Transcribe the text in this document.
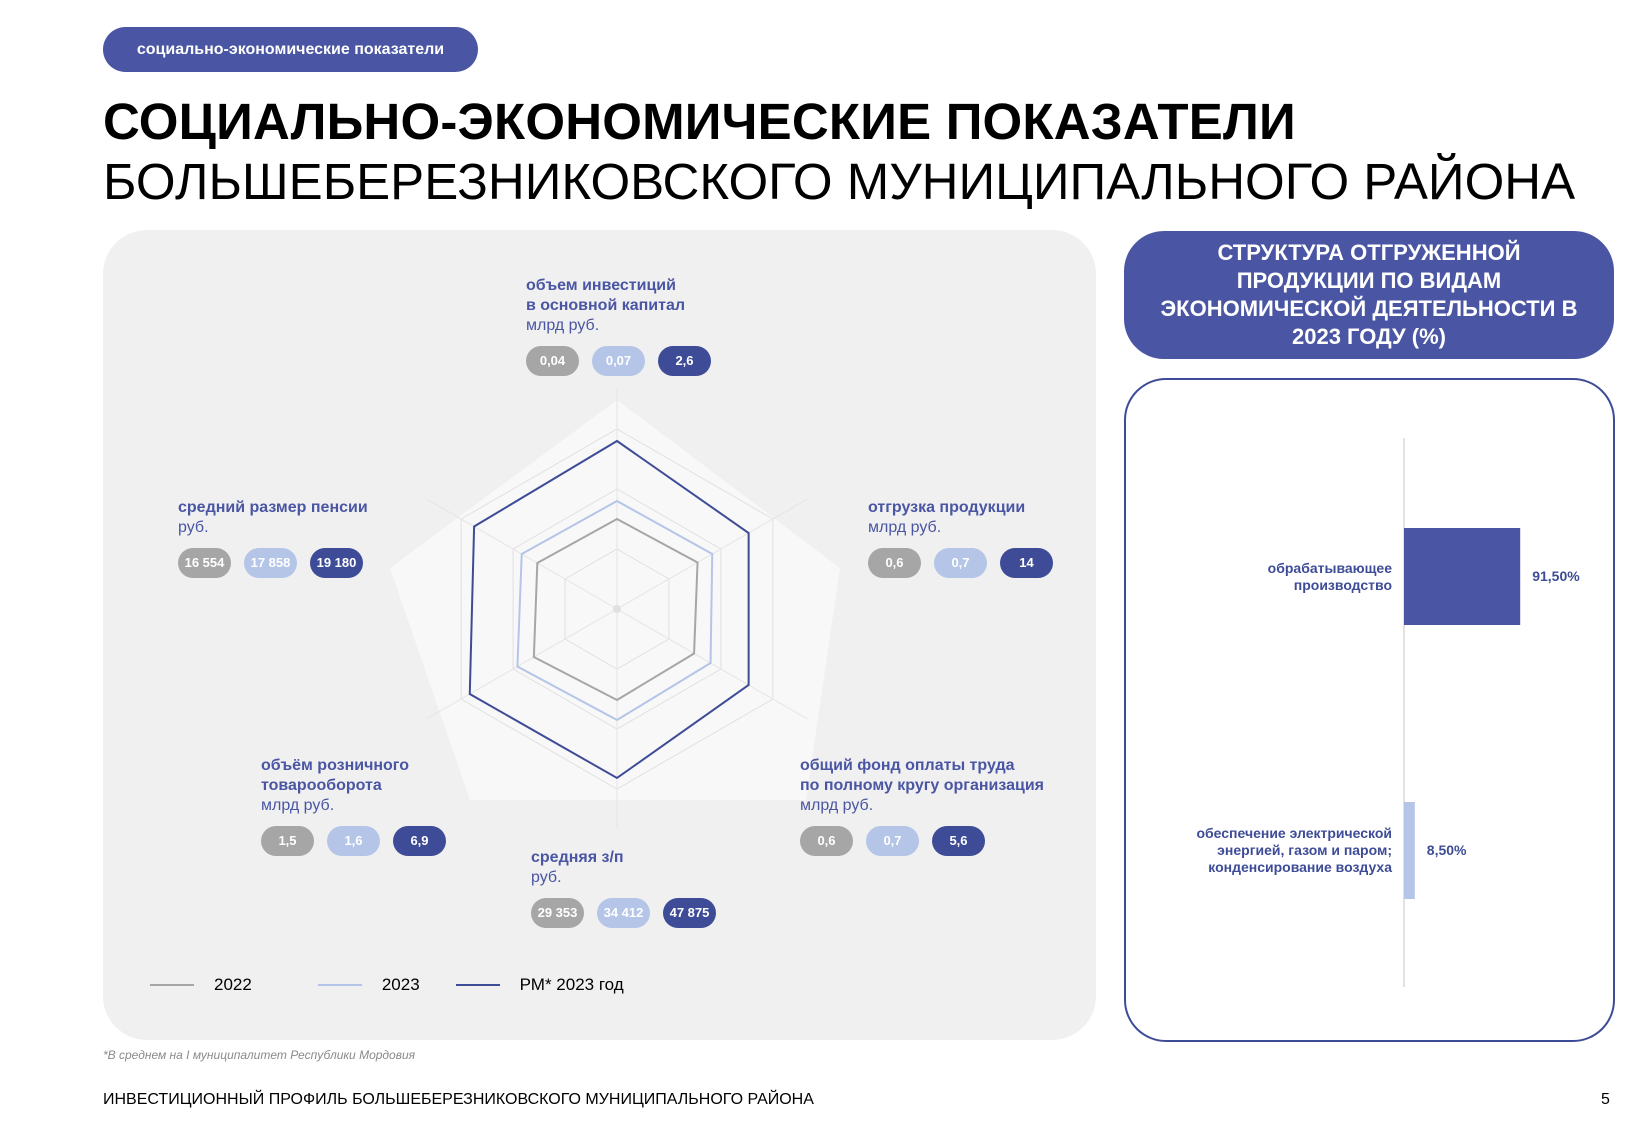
социально-экономические показатели
СОЦИАЛЬНО-ЭКОНОМИЧЕСКИЕ ПОКАЗАТЕЛИ
БОЛЬШЕБЕРЕЗНИКОВСКОГО МУНИЦИПАЛЬНОГО РАЙОНА
объем инвестиций
в основной капитал
млрд руб.
0,04	0,07	2,6
отгрузка продукции
млрд руб.
0,6	0,7	14
общий фонд оплаты труда
по полному кругу организация
млрд руб.
0,6	0,7	5,6
средняя з/п
руб.
29 353	34 412	47 875
объём розничного
товарооборота
млрд руб.
1,5	1,6	6,9
средний размер пенсии
руб.
16 554	17 858	19 180
2022	2023	РМ* 2023 год
*В среднем на I муниципалитет Республики Мордовия
ИНВЕСТИЦИОННЫЙ ПРОФИЛЬ БОЛЬШЕБЕРЕЗНИКОВСКОГО МУНИЦИПАЛЬНОГО РАЙОНА	5
СТРУКТУРА ОТГРУЖЕННОЙ ПРОДУКЦИИ ПО ВИДАМ ЭКОНОМИЧЕСКОЙ ДЕЯТЕЛЬНОСТИ В 2023 ГОДУ (%)
91,50%
обрабатывающее
производство
8,50%
обеспечение электрической
энергией, газом и паром;
конденсирование воздуха
